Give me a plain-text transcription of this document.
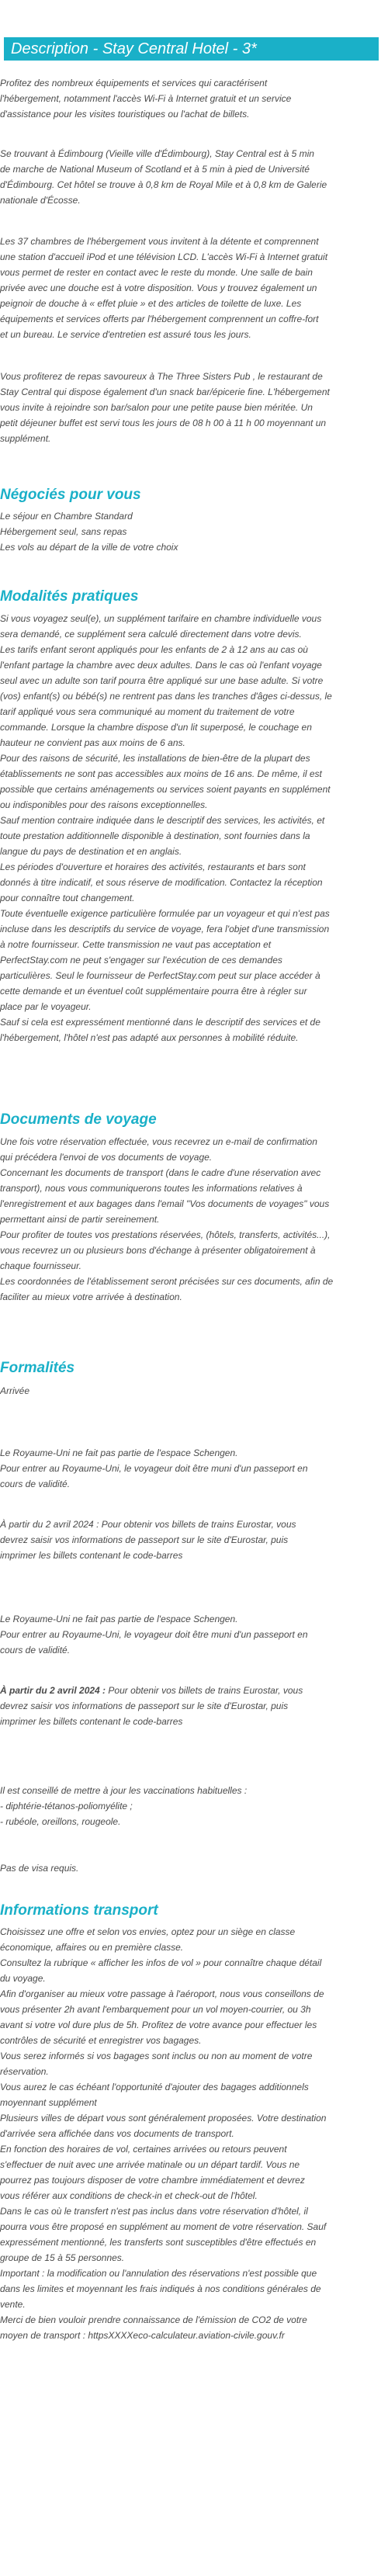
Description - Stay Central Hotel - 3*

Profitez des nombreux équipements et services qui caractérisent

l'hébergement, notamment l'accès Wi-Fi à Internet gratuit et un service

d'assistance pour les visites touristiques ou l'achat de billets.

Se trouvant à Édimbourg (Vieille ville d'Édimbourg), Stay Central est à 5 min

de marche de National Museum of Scotland et à 5 min à pied de Université

d'Édimbourg. Cet hôtel se trouve à 0,8 km de Royal Mile et à 0,8 km de Galerie

nationale d'Écosse.

Les 37 chambres de l'hébergement vous invitent à la détente et comprennent

une station d'accueil iPod et une télévision LCD. L'accès Wi-Fi à Internet gratuit

vous permet de rester en contact avec le reste du monde. Une salle de bain

privée avec une douche est à votre disposition. Vous y trouvez également un

peignoir de douche à « effet pluie » et des articles de toilette de luxe. Les

équipements et services offerts par l'hébergement comprennent un coffre-fort

et un bureau. Le service d'entretien est assuré tous les jours.

Vous profiterez de repas savoureux à The Three Sisters Pub , le restaurant de

Stay Central qui dispose également d'un snack bar/épicerie fine. L'hébergement

vous invite à rejoindre son bar/salon pour une petite pause bien méritée. Un

petit déjeuner buffet est servi tous les jours de 08 h 00 à 11 h 00 moyennant un

supplément.

Négociés pour vous

Le séjour en Chambre Standard

Hébergement seul, sans repas

Les vols au départ de la ville de votre choix

Modalités pratiques

Si vous voyagez seul(e), un supplément tarifaire en chambre individuelle vous

sera demandé, ce supplément sera calculé directement dans votre devis.

Les tarifs enfant seront appliqués pour les enfants de 2 à 12 ans au cas où

l'enfant partage la chambre avec deux adultes. Dans le cas où l'enfant voyage

seul avec un adulte son tarif pourra être appliqué sur une base adulte. Si votre

(vos) enfant(s) ou bébé(s) ne rentrent pas dans les tranches d'âges ci-dessus, le

tarif appliqué vous sera communiqué au moment du traitement de votre

commande. Lorsque la chambre dispose d'un lit superposé, le couchage en

hauteur ne convient pas aux moins de 6 ans.

Pour des raisons de sécurité, les installations de bien-être de la plupart des

établissements ne sont pas accessibles aux moins de 16 ans. De même, il est

possible que certains aménagements ou services soient payants en supplément

ou indisponibles pour des raisons exceptionnelles.

Sauf mention contraire indiquée dans le descriptif des services, les activités, et

toute prestation additionnelle disponible à destination, sont fournies dans la

langue du pays de destination et en anglais.

Les périodes d'ouverture et horaires des activités, restaurants et bars sont

donnés à titre indicatif, et sous réserve de modification. Contactez la réception

pour connaître tout changement.

Toute éventuelle exigence particulière formulée par un voyageur et qui n'est pas

incluse dans les descriptifs du service de voyage, fera l'objet d'une transmission

à notre fournisseur. Cette transmission ne vaut pas acceptation et

PerfectStay.com ne peut s'engager sur l'exécution de ces demandes

particulières. Seul le fournisseur de PerfectStay.com peut sur place accéder à

cette demande et un éventuel coût supplémentaire pourra être à régler sur

place par le voyageur.

Sauf si cela est expressément mentionné dans le descriptif des services et de

l'hébergement, l'hôtel n'est pas adapté aux personnes à mobilité réduite.

Documents de voyage

Une fois votre réservation effectuée, vous recevrez un e-mail de confirmation

qui précédera l'envoi de vos documents de voyage.

Concernant les documents de transport (dans le cadre d'une réservation avec

transport), nous vous communiquerons toutes les informations relatives à

l'enregistrement et aux bagages dans l'email "Vos documents de voyages" vous

permettant ainsi de partir sereinement.

Pour profiter de toutes vos prestations réservées, (hôtels, transferts, activités...),

vous recevrez un ou plusieurs bons d'échange à présenter obligatoirement à

chaque fournisseur.

Les coordonnées de l'établissement seront précisées sur ces documents, afin de

faciliter au mieux votre arrivée à destination.

Formalités

Arrivée

Le Royaume-Uni ne fait pas partie de l'espace Schengen.

Pour entrer au Royaume-Uni, le voyageur doit être muni d'un passeport en

cours de validité.

À partir du 2 avril 2024 : Pour obtenir vos billets de trains Eurostar, vous

devrez saisir vos informations de passeport sur le site d'Eurostar, puis

imprimer les billets contenant le code-barres

Le Royaume-Uni ne fait pas partie de l'espace Schengen.

Pour entrer au Royaume-Uni, le voyageur doit être muni d'un passeport en

cours de validité.

À partir du 2 avril 2024 : Pour obtenir vos billets de trains Eurostar, vous

devrez saisir vos informations de passeport sur le site d'Eurostar, puis

imprimer les billets contenant le code-barres

Il est conseillé de mettre à jour les vaccinations habituelles :

- diphtérie-tétanos-poliomyélite ;

- rubéole, oreillons, rougeole.

Pas de visa requis.

Informations transport

Choisissez une offre et selon vos envies, optez pour un siège en classe

économique, affaires ou en première classe.

Consultez la rubrique « afficher les infos de vol » pour connaître chaque détail

du voyage.

Afin d'organiser au mieux votre passage à l'aéroport, nous vous conseillons de

vous présenter 2h avant l'embarquement pour un vol moyen-courrier, ou 3h

avant si votre vol dure plus de 5h. Profitez de votre avance pour effectuer les

contrôles de sécurité et enregistrer vos bagages.

Vous serez informés si vos bagages sont inclus ou non au moment de votre

réservation.

Vous aurez le cas échéant l'opportunité d'ajouter des bagages additionnels

moyennant supplément

Plusieurs villes de départ vous sont généralement proposées. Votre destination

d'arrivée sera affichée dans vos documents de transport.

En fonction des horaires de vol, certaines arrivées ou retours peuvent

s'effectuer de nuit avec une arrivée matinale ou un départ tardif. Vous ne

pourrez pas toujours disposer de votre chambre immédiatement et devrez

vous référer aux conditions de check-in et check-out de l'hôtel.

Dans le cas où le transfert n'est pas inclus dans votre réservation d'hôtel, il

pourra vous être proposé en supplément au moment de votre réservation. Sauf

expressément mentionné, les transferts sont susceptibles d'être effectués en

groupe de 15 à 55 personnes.

Important : la modification ou l'annulation des réservations n'est possible que

dans les limites et moyennant les frais indiqués à nos conditions générales de

vente.

Merci de bien vouloir prendre connaissance de l'émission de CO2 de votre

moyen de transport : httpsXXXXeco-calculateur.aviation-civile.gouv.fr
